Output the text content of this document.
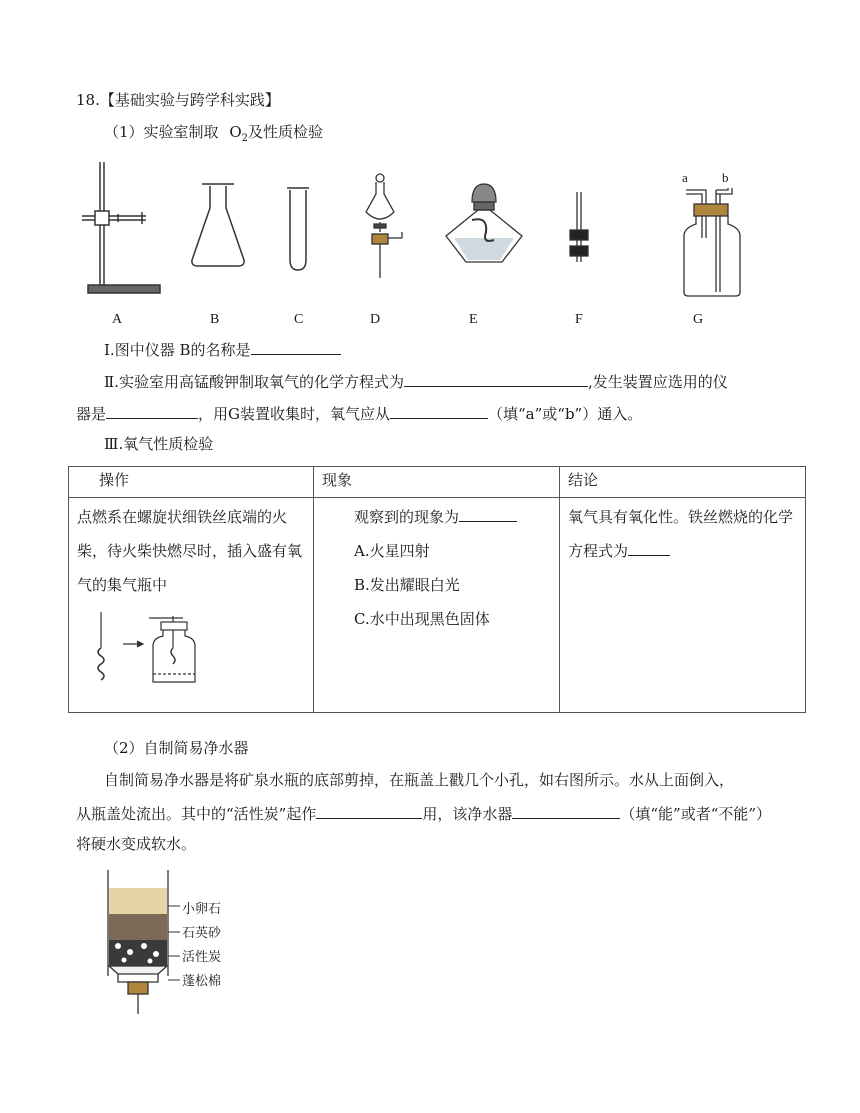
18.【基础实验与跨学科实践】
（1）实验室制取 $O_2$及性质检验
a	b
A	B	C	D	E	F	G
Ⅰ.图中仪器 B的名称是
Ⅱ.实验室用高锰酸钾制取氧气的化学方程式为	,发生装置应选用的仪
器是	，用G装置收集时，氧气应从	（填“a”或“b”）通入。
Ⅲ.氧气性质检验
操作	现象	结论

点燃系在螺旋状细铁丝底端的火柴，待火柴快燃尽时，插入盛有氧气的集气瓶中	观察到的现象为
A.火星四射
B.发出耀眼白光
C.水中出现黑色固体	氧气具有氧化性。铁丝燃烧的化学方程式为
（2）自制简易净水器
自制简易净水器是将矿泉水瓶的底部剪掉，在瓶盖上戳几个小孔，如右图所示。水从上面倒入，
从瓶盖处流出。其中的“活性炭”起作	用，该净水器	（填“能”或者“不能”）
将硬水变成软水。
小卵石
石英砂
活性炭
蓬松棉
